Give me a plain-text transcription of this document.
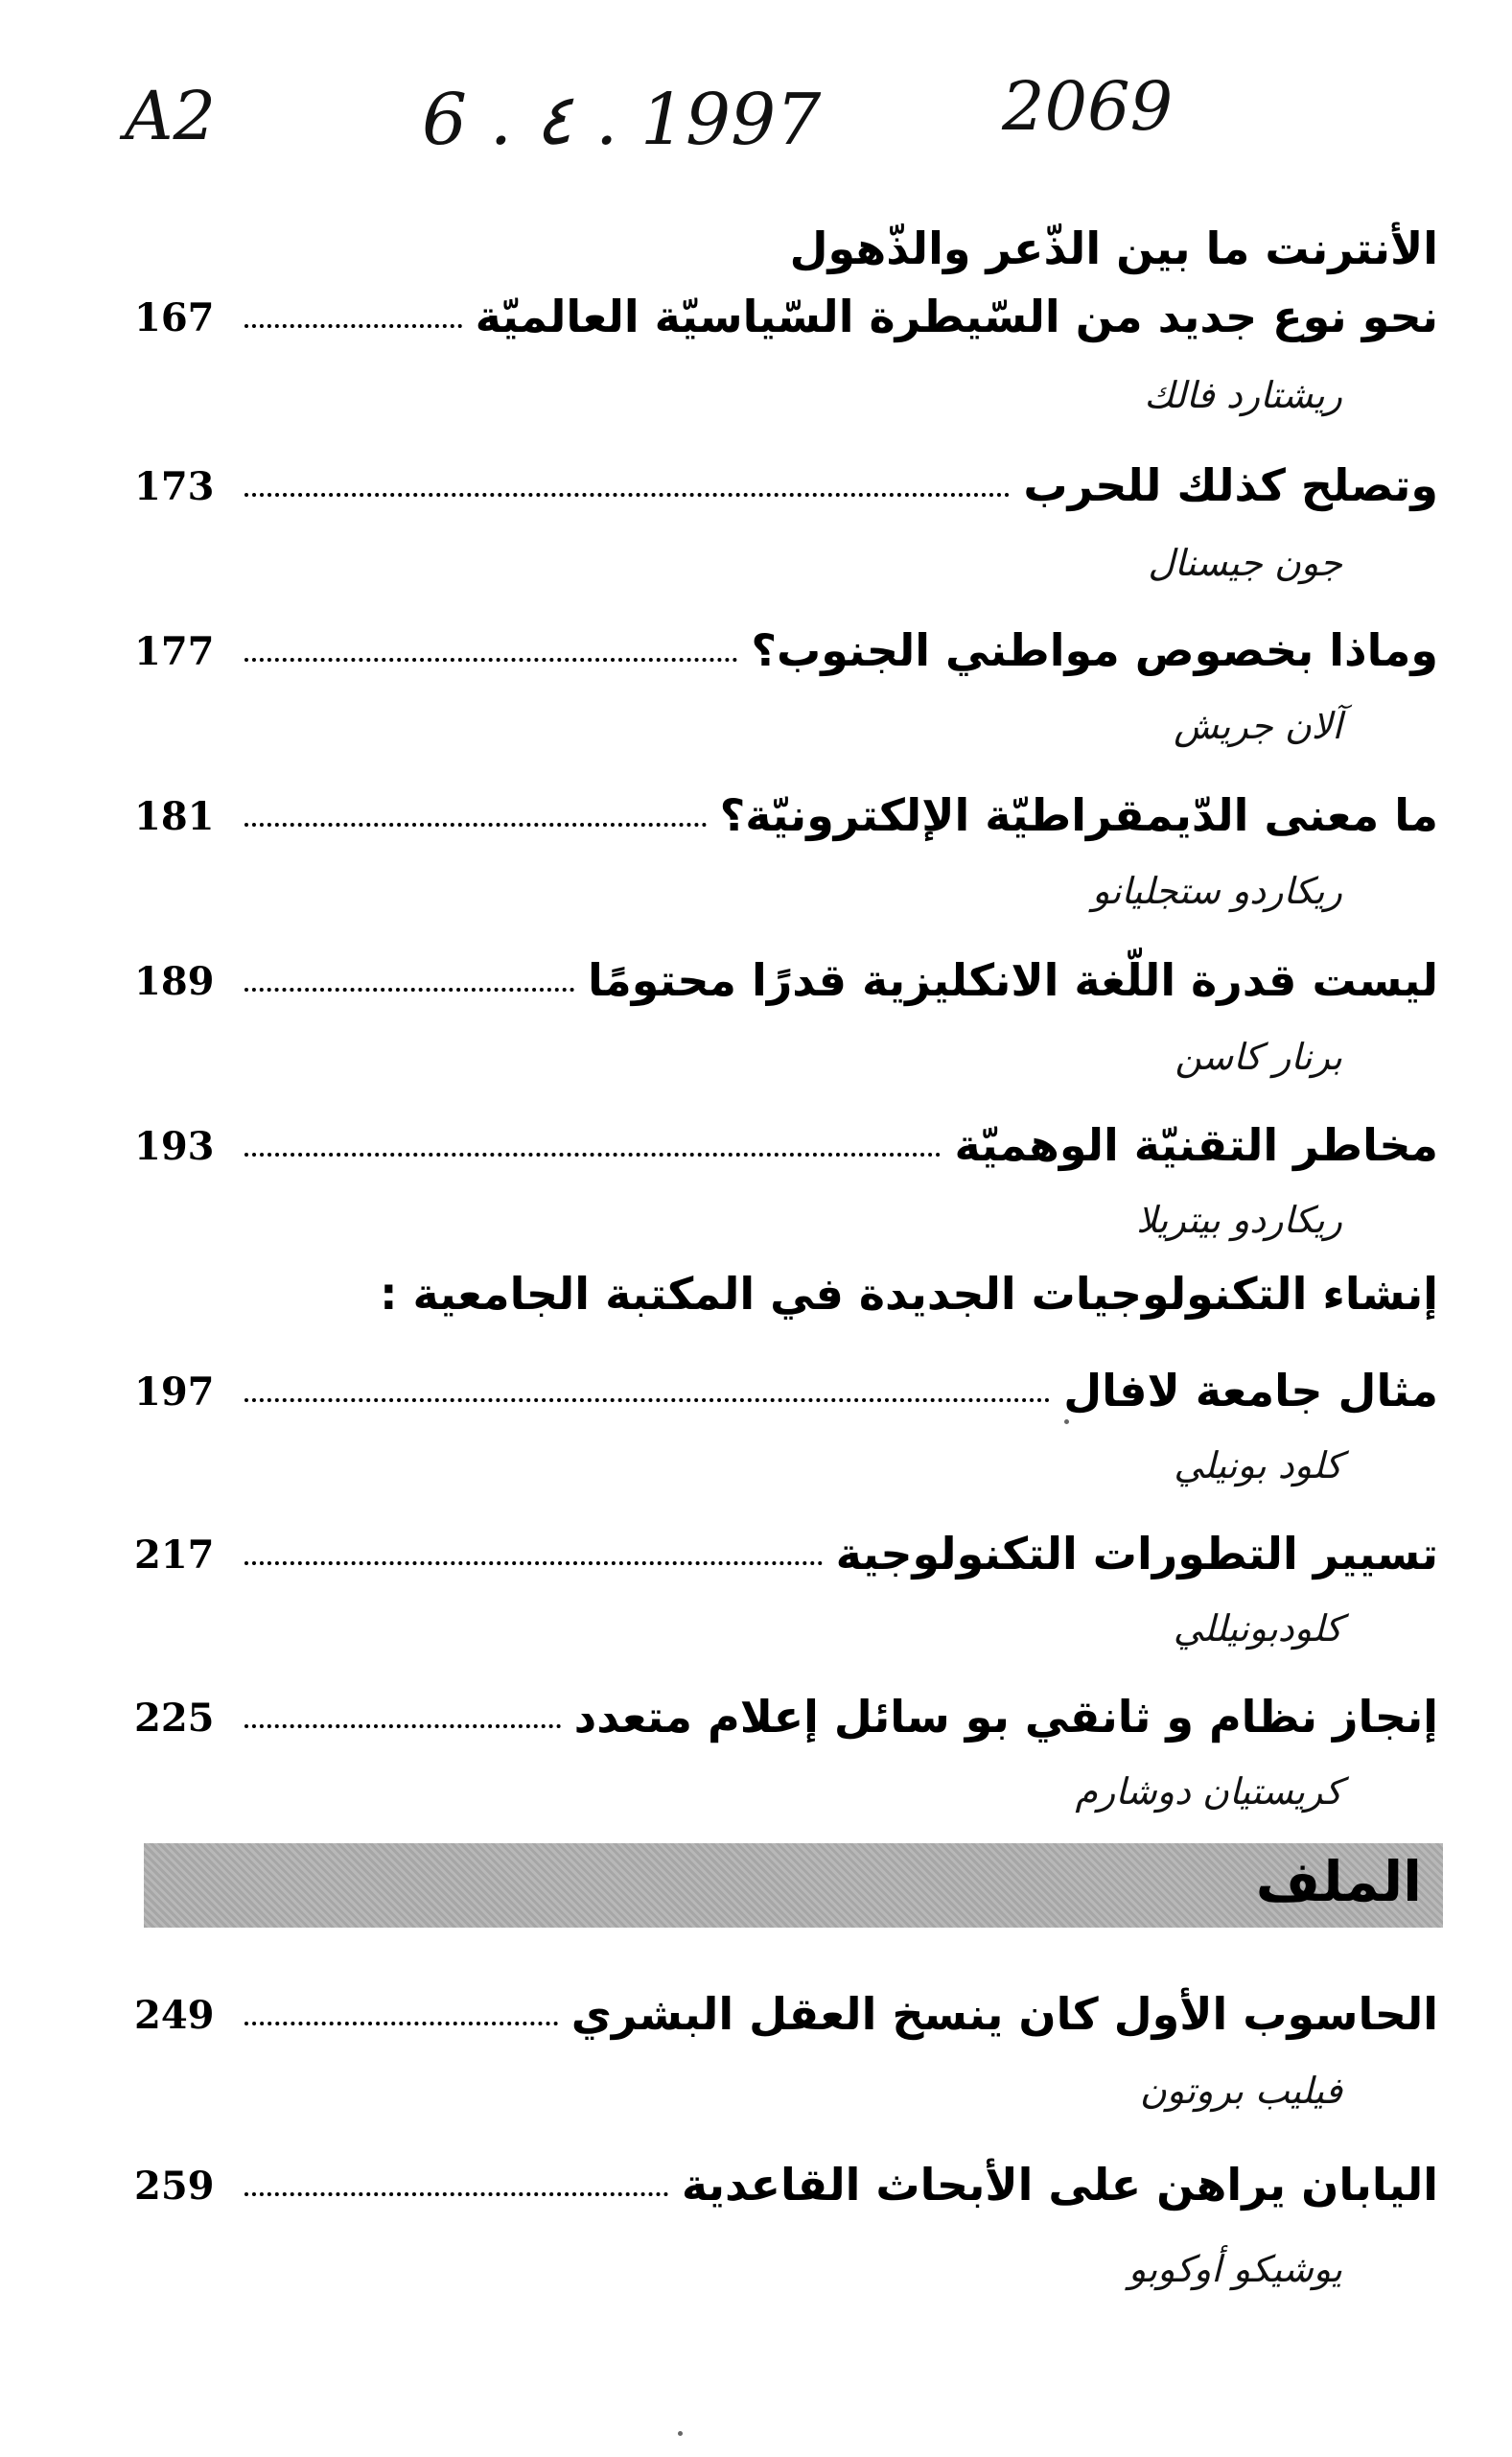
A2	6 . ٤ . 1997	2069
الأنترنت ما بين الذّعر والذّهول
167	نحو نوع جديد من السّيطرة السّياسيّة العالميّة
ريشتارد فالك
173	وتصلح كذلك للحرب
جون جيسنال
177	وماذا بخصوص مواطني الجنوب؟
آلان جريش
181	ما معنى الدّيمقراطيّة الإلكترونيّة؟
ريكاردو ستجليانو
189	ليست قدرة اللّغة الانكليزية قدرًا محتومًا
برنار كاسن
193	مخاطر التقنيّة الوهميّة
ريكاردو بيتريلا
إنشاء التكنولوجيات الجديدة في المكتبة الجامعية :
197	مثال جامعة لافال
كلود بونيلي
217	تسيير التطورات التكنولوجية
كلودبونيللي
225	إنجاز نظام و ثانقي بو سائل إعلام متعدد
كريستيان دوشارم
249	الحاسوب الأول كان ينسخ العقل البشري
فيليب بروتون
259	اليابان يراهن على الأبحاث القاعدية
يوشيكو أوكوبو
الملف
